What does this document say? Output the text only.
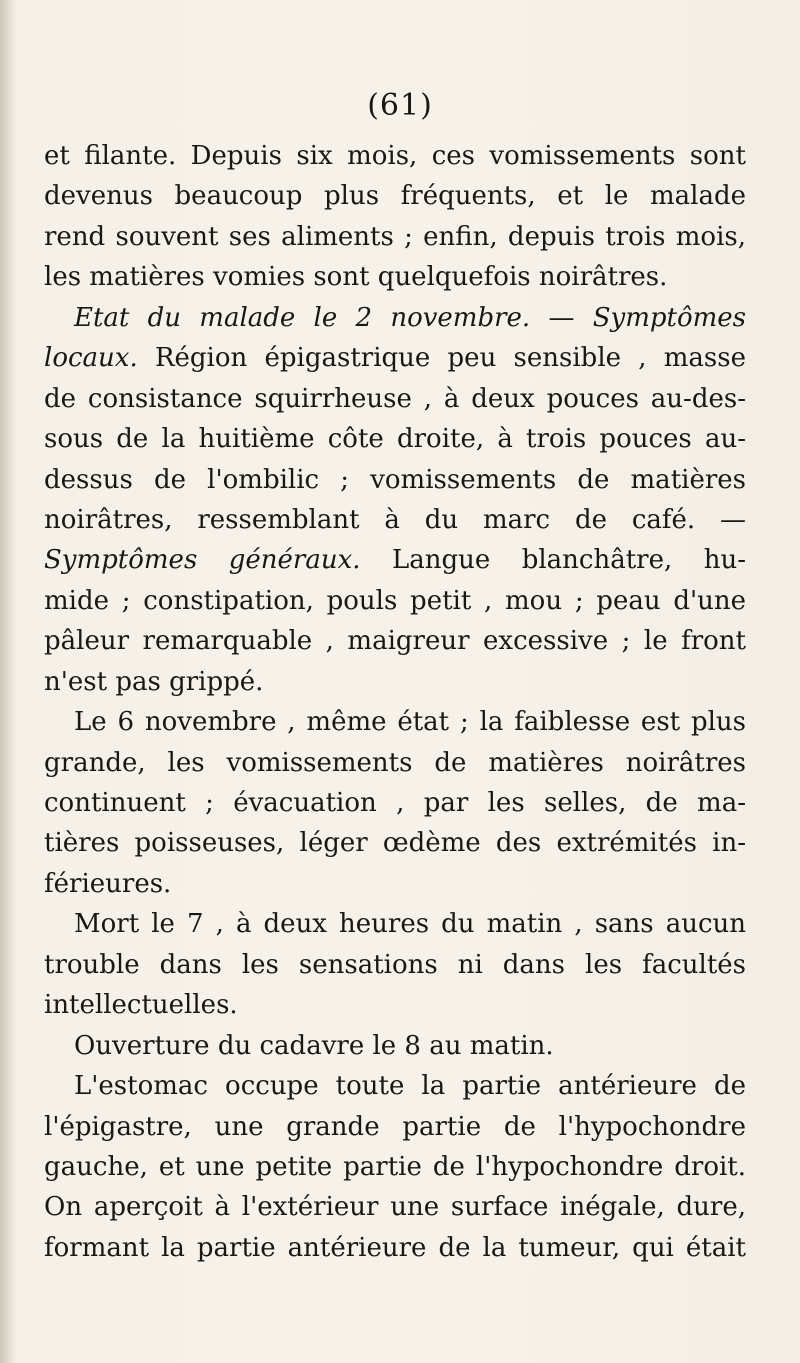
(61)
et filante. Depuis six mois, ces vomissements sont
devenus beaucoup plus fréquents, et le malade
rend souvent ses aliments ; enfin, depuis trois mois,
les matières vomies sont quelquefois noirâtres.
Etat du malade le 2 novembre. — Symptômes
locaux. Région épigastrique peu sensible , masse
de consistance squirrheuse , à deux pouces au-des-
sous de la huitième côte droite, à trois pouces au-
dessus de l'ombilic ; vomissements de matières
noirâtres, ressemblant à du marc de café. —
Symptômes généraux. Langue blanchâtre, hu-
mide ; constipation, pouls petit , mou ; peau d'une
pâleur remarquable , maigreur excessive ; le front
n'est pas grippé.
Le 6 novembre , même état ; la faiblesse est plus
grande, les vomissements de matières noirâtres
continuent ; évacuation , par les selles, de ma-
tières poisseuses, léger œdème des extrémités in-
férieures.
Mort le 7 , à deux heures du matin , sans aucun
trouble dans les sensations ni dans les facultés
intellectuelles.
Ouverture du cadavre le 8 au matin.
L'estomac occupe toute la partie antérieure de
l'épigastre, une grande partie de l'hypochondre
gauche, et une petite partie de l'hypochondre droit.
On aperçoit à l'extérieur une surface inégale, dure,
formant la partie antérieure de la tumeur, qui était
